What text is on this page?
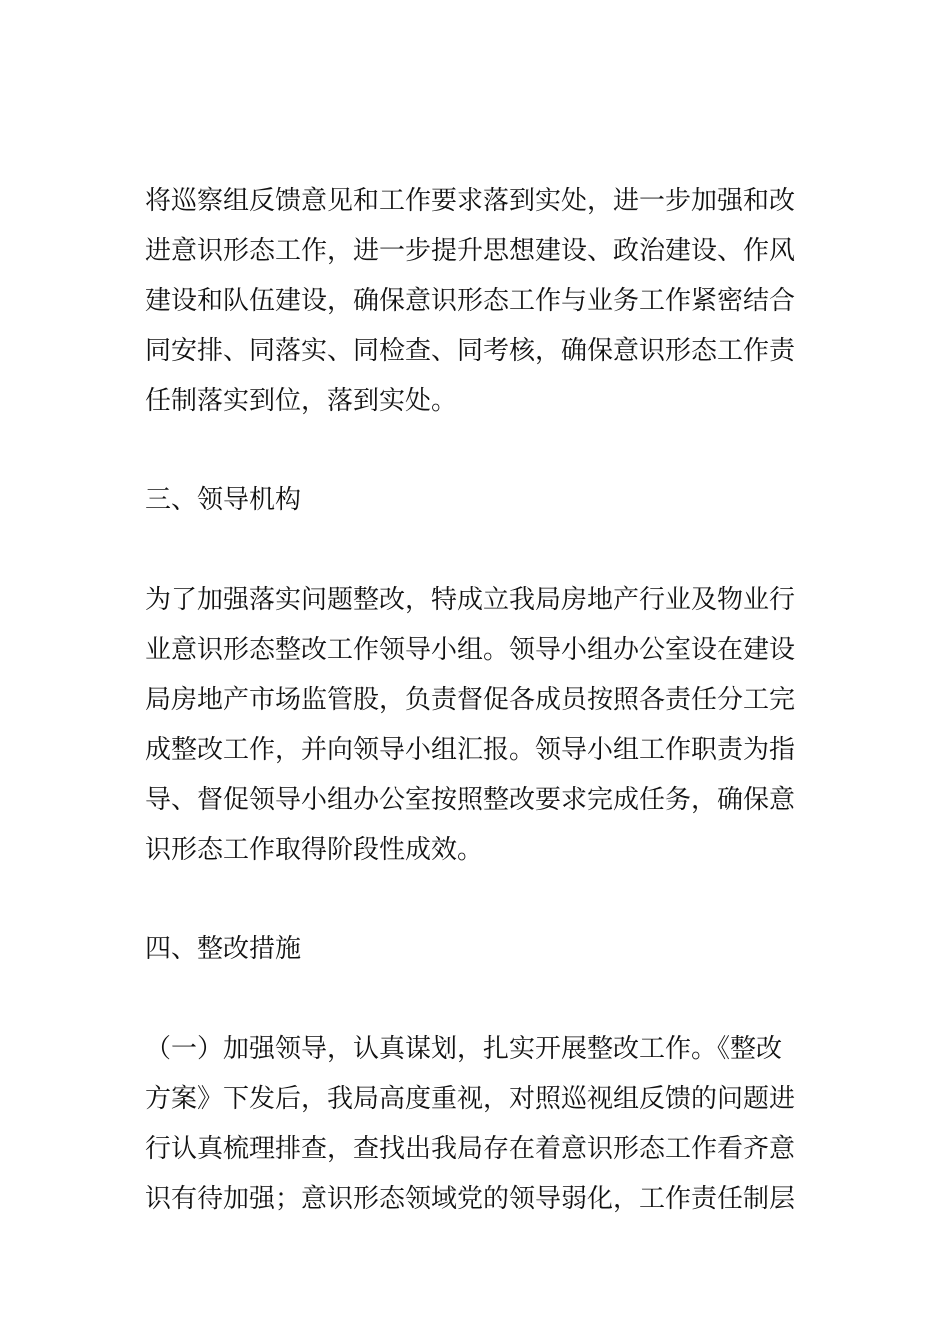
将巡察组反馈意见和工作要求落到实处，进一步加强和改
进意识形态工作，进一步提升思想建设、政治建设、作风
建设和队伍建设，确保意识形态工作与业务工作紧密结合
同安排、同落实、同检查、同考核，确保意识形态工作责
任制落实到位，落到实处。
三、领导机构
为了加强落实问题整改，特成立我局房地产行业及物业行
业意识形态整改工作领导小组。领导小组办公室设在建设
局房地产市场监管股，负责督促各成员按照各责任分工完
成整改工作，并向领导小组汇报。领导小组工作职责为指
导、督促领导小组办公室按照整改要求完成任务，确保意
识形态工作取得阶段性成效。
四、整改措施
（一）加强领导，认真谋划，扎实开展整改工作。《整改
方案》下发后，我局高度重视，对照巡视组反馈的问题进
行认真梳理排查，查找出我局存在着意识形态工作看齐意
识有待加强；意识形态领域党的领导弱化，工作责任制层
